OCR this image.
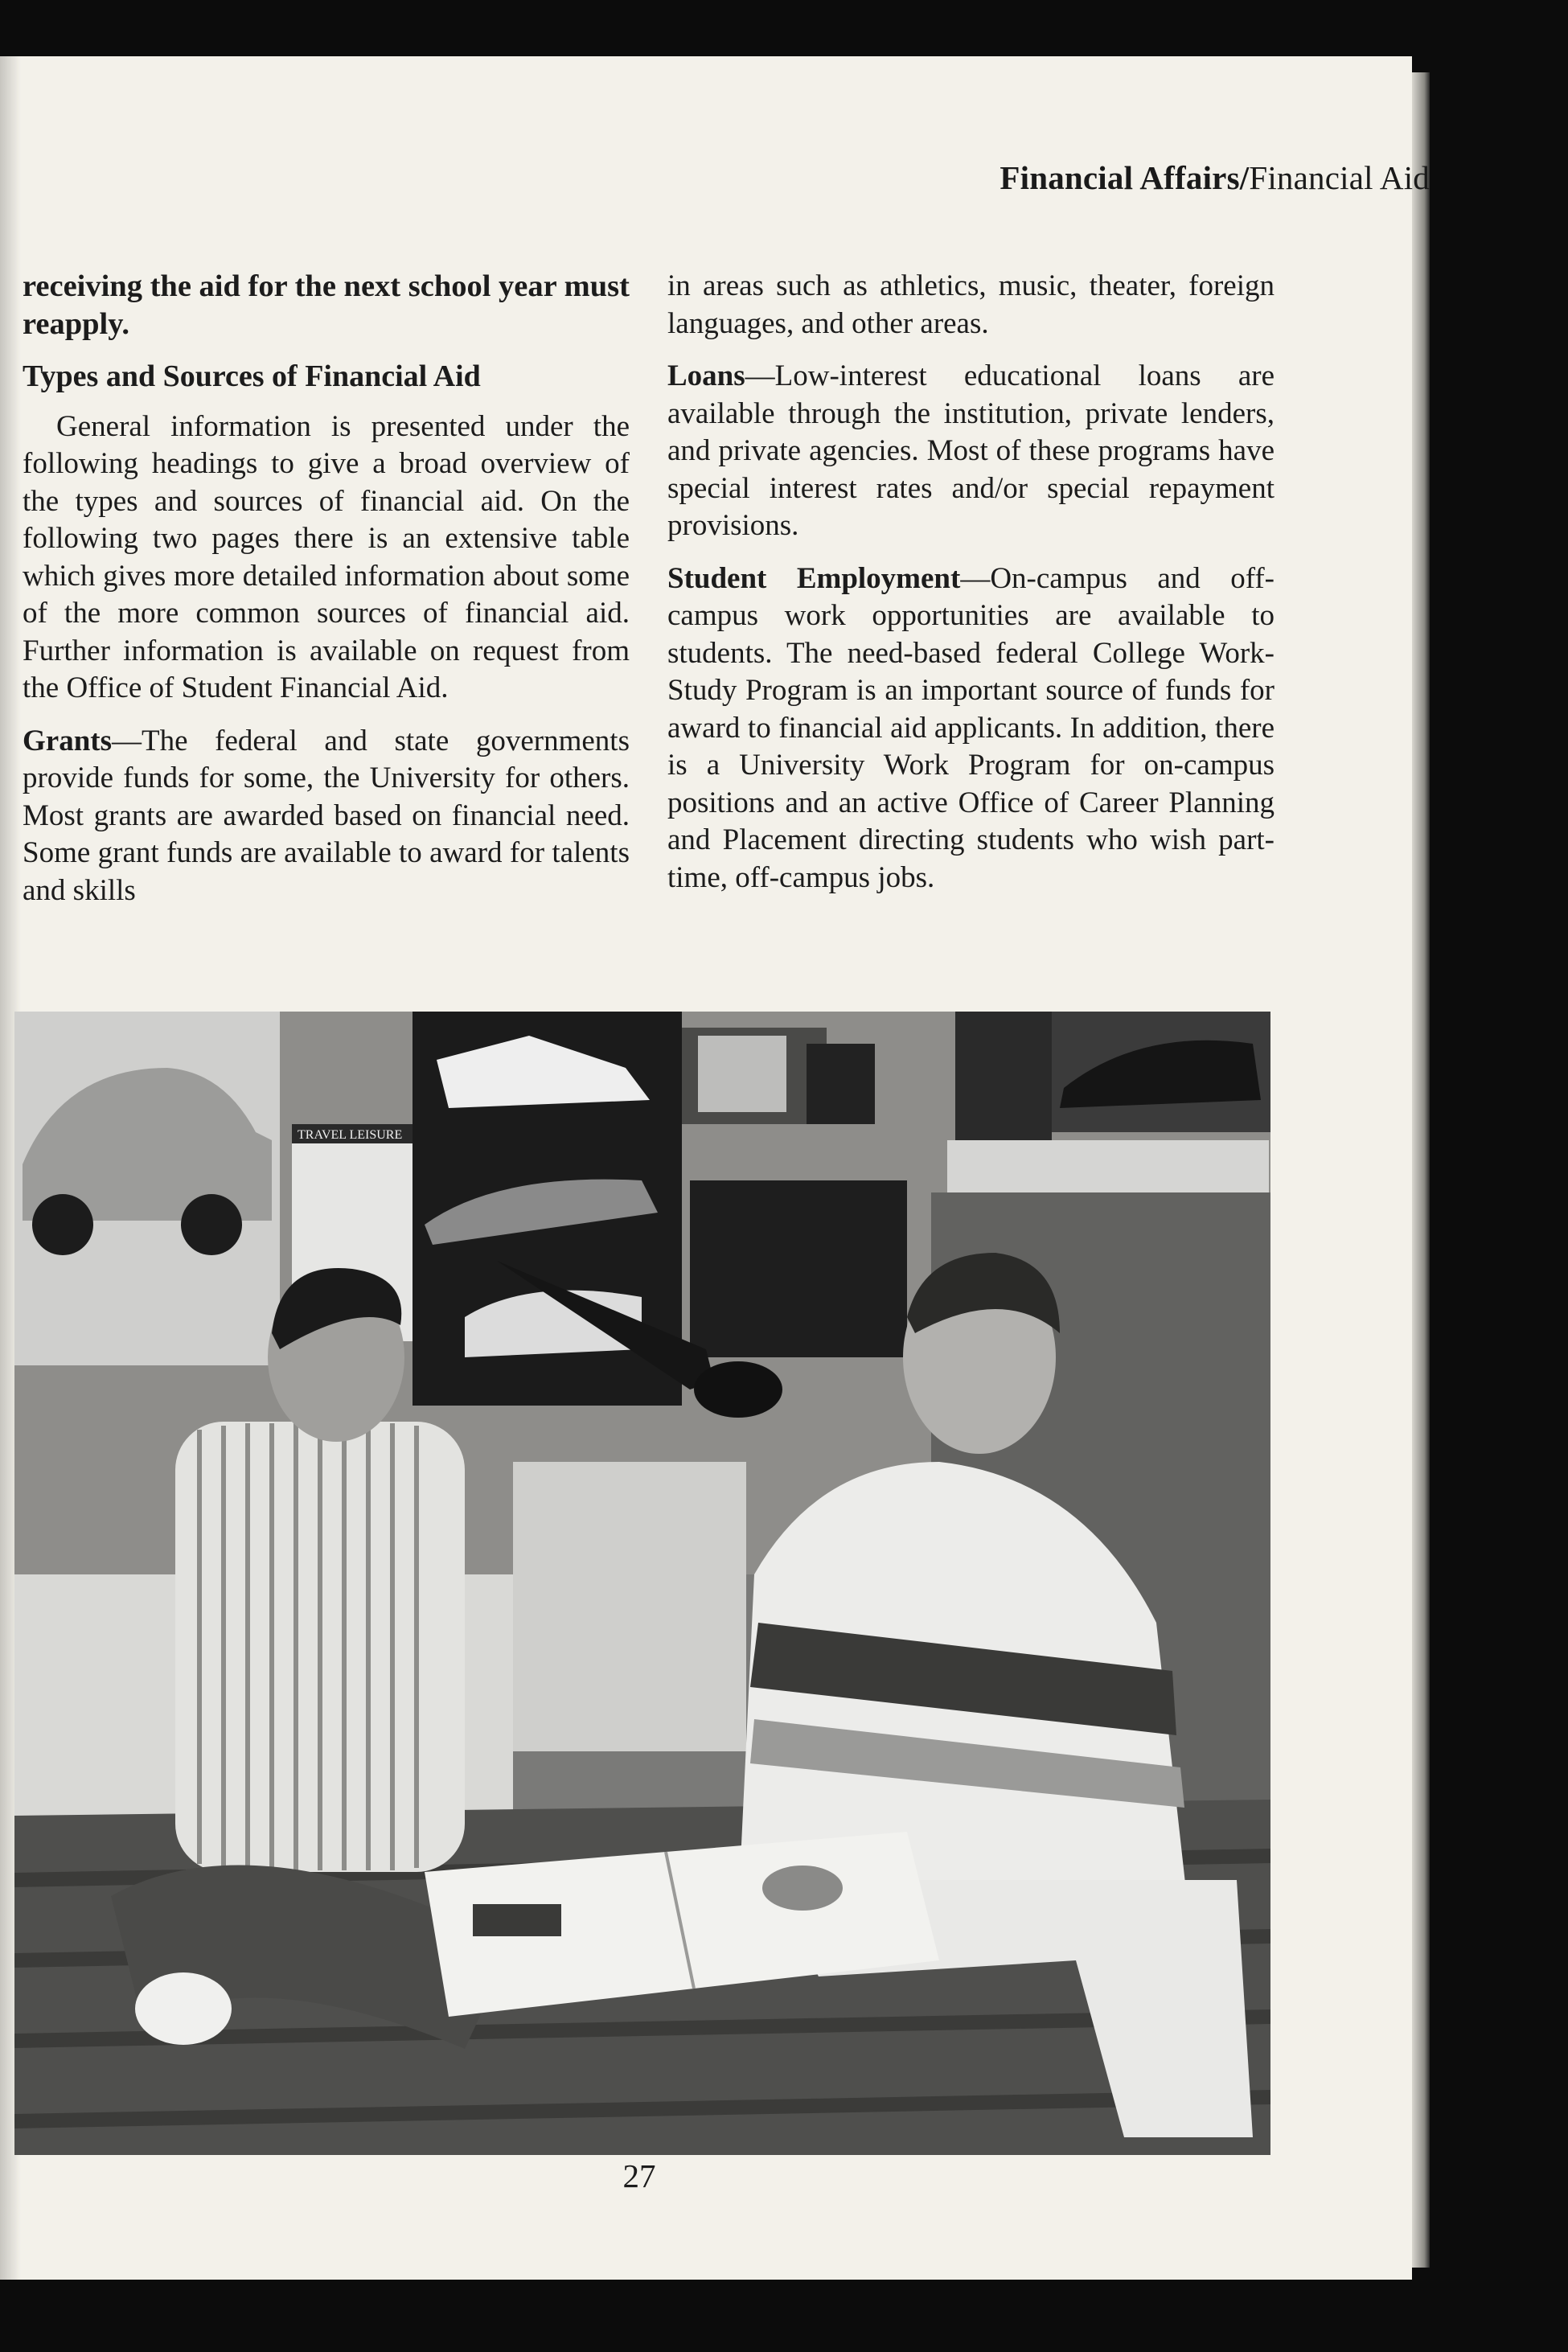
Financial Affairs/Financial Aid

receiving the aid for the next school year must reapply.

Types and Sources of Financial Aid

General information is presented under the following headings to give a broad overview of the types and sources of financial aid. On the following two pages there is an extensive table which gives more detailed information about some of the more common sources of financial aid. Further information is available on request from the Office of Student Financial Aid.

Grants—The federal and state governments provide funds for some, the University for others. Most grants are awarded based on financial need. Some grant funds are available to award for talents and skills

in areas such as athletics, music, theater, foreign languages, and other areas.

Loans—Low-interest educational loans are available through the institution, private lenders, and private agencies. Most of these programs have special interest rates and/or special repayment provisions.

Student Employment—On-campus and off-campus work opportunities are available to students. The need-based federal College Work-Study Program is an important source of funds for award to financial aid applicants. In addition, there is a University Work Program for on-campus positions and an active Office of Career Planning and Placement directing students who wish part-time, off-campus jobs.

TRAVEL LEISURE
27
